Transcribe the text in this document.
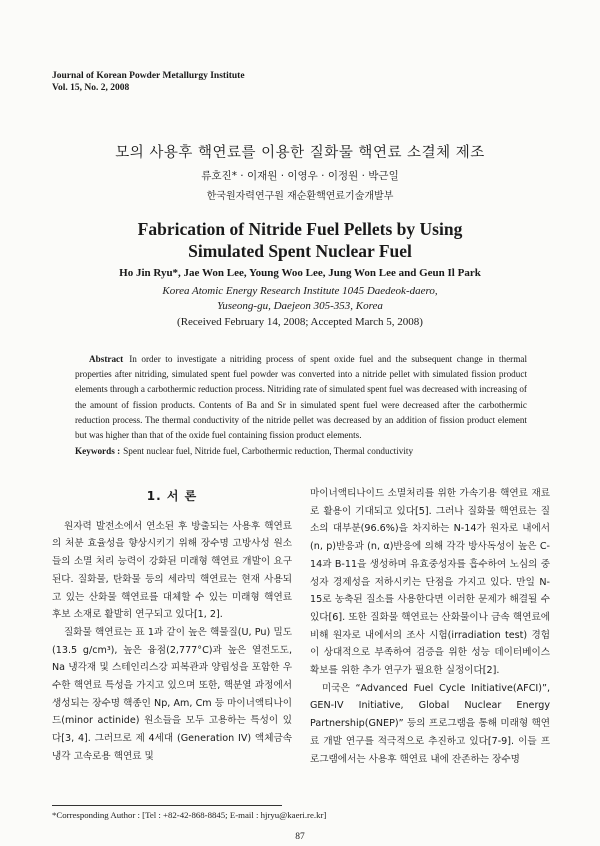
Journal of Korean Powder Metallurgy Institute
Vol. 15, No. 2, 2008
모의 사용후 핵연료를 이용한 질화물 핵연료 소결체 제조
류호진* · 이재원 · 이영우 · 이정원 · 박근일
한국원자력연구원 재순환핵연료기술개발부
Fabrication of Nitride Fuel Pellets by Using
Simulated Spent Nuclear Fuel
Ho Jin Ryu*, Jae Won Lee, Young Woo Lee, Jung Won Lee and Geun Il Park
Korea Atomic Energy Research Institute 1045 Daedeok-daero,
Yuseong-gu, Daejeon 305-353, Korea
(Received February 14, 2008; Accepted March 5, 2008)
Abstract In order to investigate a nitriding process of spent oxide fuel and the subsequent change in thermal properties after nitriding, simulated spent fuel powder was converted into a nitride pellet with simulated fission product elements through a carbothermic reduction process. Nitriding rate of simulated spent fuel was decreased with increasing of the amount of fission products. Contents of Ba and Sr in simulated spent fuel were decreased after the carbothermic reduction process. The thermal conductivity of the nitride pellet was decreased by an addition of fission product element but was higher than that of the oxide fuel containing fission product elements.
Keywords : Spent nuclear fuel, Nitride fuel, Carbothermic reduction, Thermal conductivity
1. 서 론

원자력 발전소에서 연소된 후 방출되는 사용후 핵연료의 처분 효율성을 향상시키기 위해 장수명 고방사성 원소들의 소멸 처리 능력이 강화된 미래형 핵연료 개발이 요구된다. 질화물, 탄화물 등의 세라믹 핵연료는 현재 사용되고 있는 산화물 핵연료를 대체할 수 있는 미래형 핵연료 후보 소재로 활발히 연구되고 있다[1, 2].

질화물 핵연료는 표 1과 같이 높은 핵물질(U, Pu) 밀도(13.5 g/cm³), 높은 융점(2,777°C)과 높은 열전도도, Na 냉각재 및 스테인리스강 피복관과 양립성을 포함한 우수한 핵연료 특성을 가지고 있으며 또한, 핵분열 과정에서 생성되는 장수명 핵종인 Np, Am, Cm 등 마이너액티나이드(minor actinide) 원소들을 모두 고용하는 특성이 있다[3, 4]. 그러므로 제 4세대 (Generation IV) 액체금속 냉각 고속로용 핵연료 및

마이너액티나이드 소멸처리를 위한 가속기용 핵연료 재료로 활용이 기대되고 있다[5]. 그러나 질화물 핵연료는 질소의 대부분(96.6%)을 차지하는 N-14가 원자로 내에서 (n, p)반응과 (n, α)반응에 의해 각각 방사독성이 높은 C-14과 B-11을 생성하며 유효중성자를 흡수하여 노심의 중성자 경제성을 저하시키는 단점을 가지고 있다. 만일 N-15로 농축된 질소를 사용한다면 이러한 문제가 해결될 수 있다[6]. 또한 질화물 핵연료는 산화물이나 금속 핵연료에 비해 원자로 내에서의 조사 시험(irradiation test) 경험이 상대적으로 부족하여 검증을 위한 성능 데이터베이스 확보를 위한 추가 연구가 필요한 실정이다[2].

미국은 “Advanced Fuel Cycle Initiative(AFCI)”, GEN-IV Initiative, Global Nuclear Energy Partnership(GNEP)” 등의 프로그램을 통해 미래형 핵연료 개발 연구를 적극적으로 추진하고 있다[7-9]. 이들 프로그램에서는 사용후 핵연료 내에 잔존하는 장수명

*Corresponding Author : [Tel : +82-42-868-8845; E-mail : hjryu@kaeri.re.kr]
87
